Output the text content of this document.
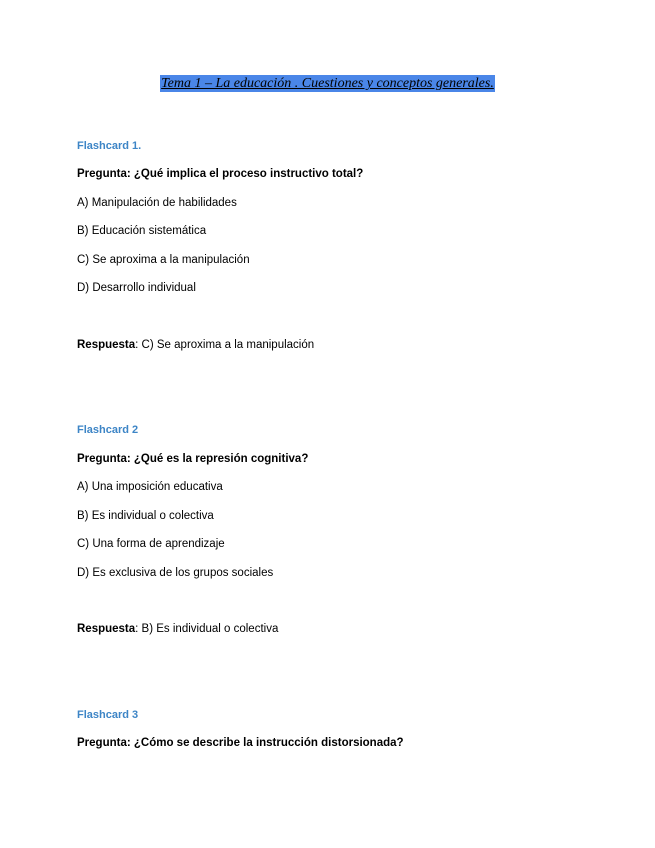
Tema 1 – La educación . Cuestiones y conceptos generales.
Flashcard 1.
Pregunta: ¿Qué implica el proceso instructivo total?
A) Manipulación de habilidades
B) Educación sistemática
C) Se aproxima a la manipulación
D) Desarrollo individual
Respuesta: C) Se aproxima a la manipulación
Flashcard 2
Pregunta: ¿Qué es la represión cognitiva?
A) Una imposición educativa
B) Es individual o colectiva
C) Una forma de aprendizaje
D) Es exclusiva de los grupos sociales
Respuesta: B) Es individual o colectiva
Flashcard 3
Pregunta: ¿Cómo se describe la instrucción distorsionada?
